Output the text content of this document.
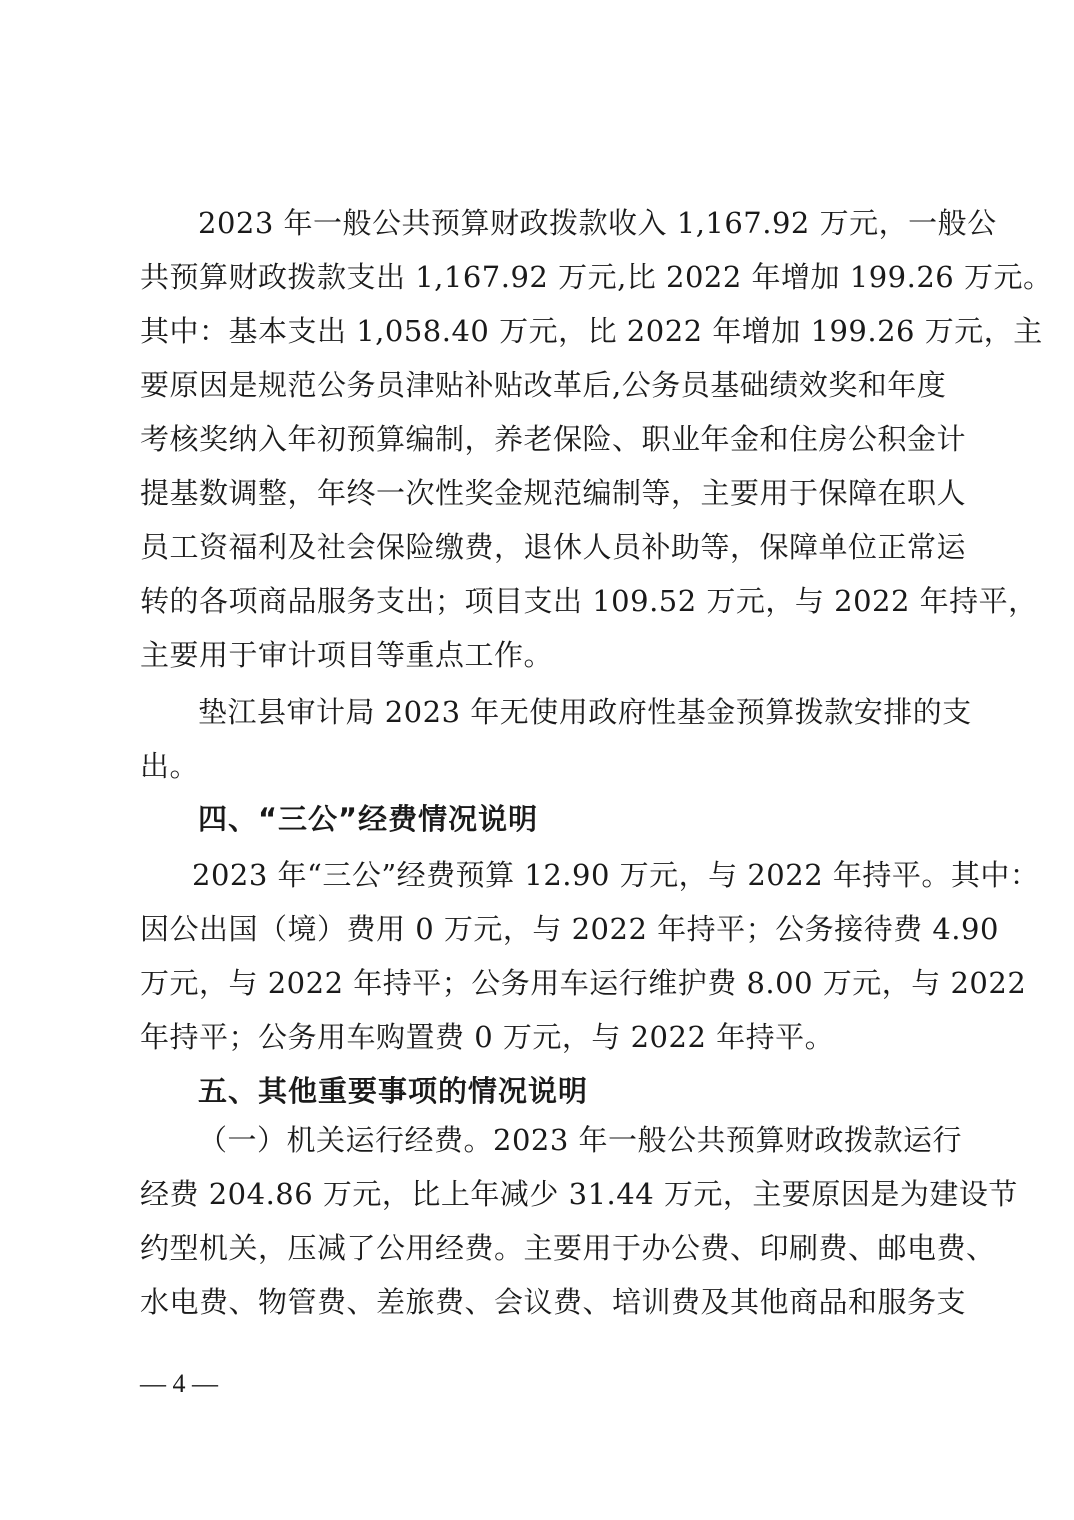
2023 年一般公共预算财政拨款收入 1,167.92 万元，一般公
共预算财政拨款支出 1,167.92 万元,比 2022 年增加 199.26 万元。
其中：基本支出 1,058.40 万元，比 2022 年增加 199.26 万元，主
要原因是规范公务员津贴补贴改革后,公务员基础绩效奖和年度
考核奖纳入年初预算编制，养老保险、职业年金和住房公积金计
提基数调整，年终一次性奖金规范编制等，主要用于保障在职人
员工资福利及社会保险缴费，退休人员补助等，保障单位正常运
转的各项商品服务支出；项目支出 109.52 万元，与 2022 年持平，
主要用于审计项目等重点工作。
垫江县审计局 2023 年无使用政府性基金预算拨款安排的支
出。
四、“三公”经费情况说明
2023 年“三公”经费预算 12.90 万元，与 2022 年持平。其中：
因公出国（境）费用 0 万元，与 2022 年持平；公务接待费 4.90
万元，与 2022 年持平；公务用车运行维护费 8.00 万元，与 2022
年持平；公务用车购置费 0 万元，与 2022 年持平。
五、其他重要事项的情况说明
（一）机关运行经费。2023 年一般公共预算财政拨款运行
经费 204.86 万元，比上年减少 31.44 万元，主要原因是为建设节
约型机关，压减了公用经费。主要用于办公费、印刷费、邮电费、
水电费、物管费、差旅费、会议费、培训费及其他商品和服务支
— 4 —
